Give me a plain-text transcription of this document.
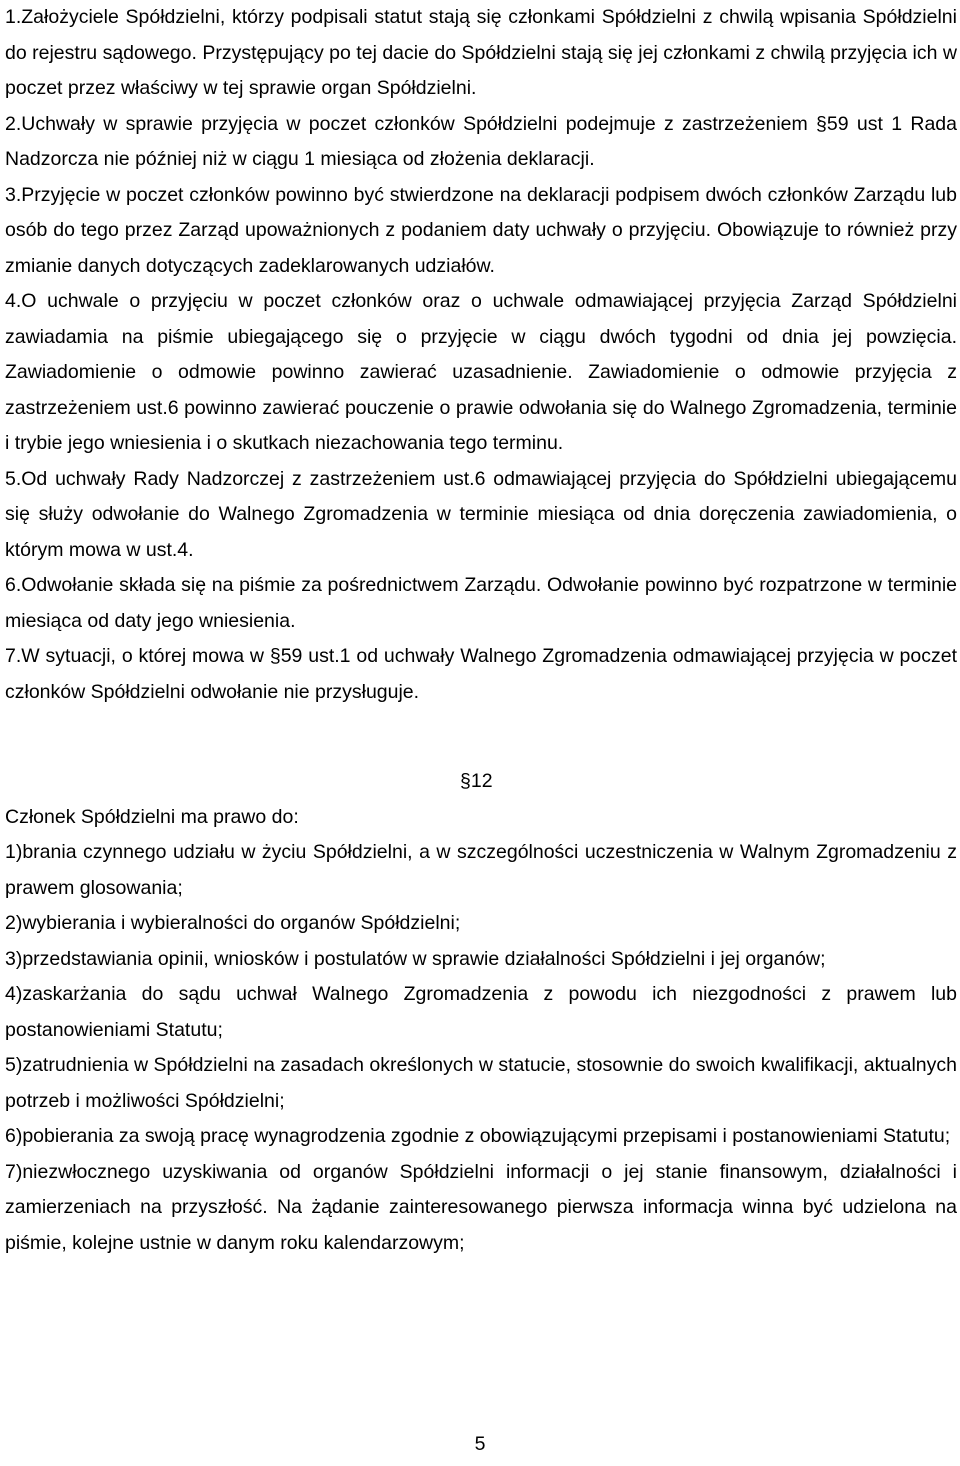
1.Założyciele Spółdzielni, którzy podpisali statut stają się członkami Spółdzielni z chwilą wpisania Spółdzielni do rejestru sądowego. Przystępujący po tej dacie do Spółdzielni stają się jej członkami z chwilą przyjęcia ich w poczet przez właściwy w tej sprawie organ Spółdzielni.

2.Uchwały w sprawie przyjęcia w poczet członków Spółdzielni podejmuje z zastrzeżeniem §59 ust 1 Rada Nadzorcza nie później niż w ciągu 1 miesiąca od złożenia deklaracji.

3.Przyjęcie w poczet członków powinno być stwierdzone na deklaracji podpisem dwóch członków Zarządu lub osób do tego przez Zarząd upoważnionych z podaniem daty uchwały o przyjęciu. Obowiązuje to również przy zmianie danych dotyczących zadeklarowanych udziałów.

4.O uchwale o przyjęciu w poczet członków oraz o uchwale odmawiającej przyjęcia Zarząd Spółdzielni zawiadamia na piśmie ubiegającego się o przyjęcie w ciągu dwóch tygodni od dnia jej powzięcia. Zawiadomienie o odmowie powinno zawierać uzasadnienie. Zawiadomienie o odmowie przyjęcia z zastrzeżeniem ust.6 powinno zawierać pouczenie o prawie odwołania się do Walnego Zgromadzenia, terminie i trybie jego wniesienia i o skutkach niezachowania tego terminu.

5.Od uchwały Rady Nadzorczej z zastrzeżeniem ust.6 odmawiającej przyjęcia do Spółdzielni ubiegającemu się służy odwołanie do Walnego Zgromadzenia w terminie miesiąca od dnia doręczenia zawiadomienia, o którym mowa w ust.4.

6.Odwołanie składa się na piśmie za pośrednictwem Zarządu. Odwołanie powinno być rozpatrzone w terminie miesiąca od daty jego wniesienia.

7.W sytuacji, o której mowa w §59 ust.1 od uchwały Walnego Zgromadzenia odmawiającej przyjęcia w poczet członków Spółdzielni odwołanie nie przysługuje.

§12

Członek Spółdzielni ma prawo do:

1)brania czynnego udziału w życiu Spółdzielni, a w szczególności uczestniczenia w Walnym Zgromadzeniu z prawem glosowania;

2)wybierania i wybieralności do organów Spółdzielni;

3)przedstawiania opinii, wniosków i postulatów w sprawie działalności Spółdzielni i jej organów;

4)zaskarżania do sądu uchwał Walnego Zgromadzenia z powodu ich niezgodności z prawem lub postanowieniami Statutu;

5)zatrudnienia w Spółdzielni na zasadach określonych w statucie, stosownie do swoich kwalifikacji, aktualnych potrzeb i możliwości Spółdzielni;

6)pobierania za swoją pracę wynagrodzenia zgodnie z obowiązującymi przepisami i postanowieniami Statutu;

7)niezwłocznego uzyskiwania od organów Spółdzielni informacji o jej stanie finansowym, działalności i zamierzeniach na przyszłość. Na żądanie zainteresowanego pierwsza informacja winna być udzielona na piśmie, kolejne ustnie w danym roku kalendarzowym;

5
